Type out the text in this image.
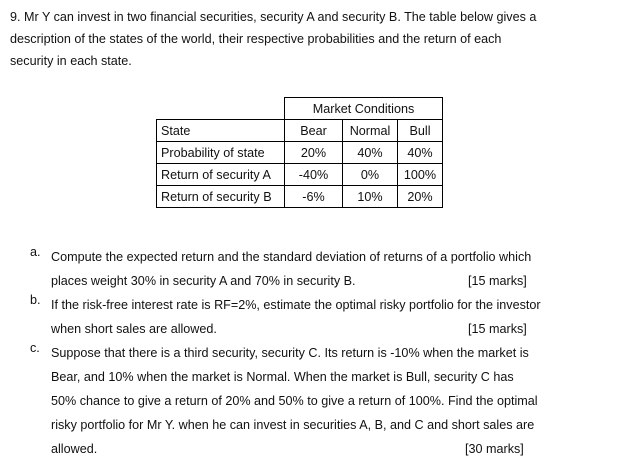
9. Mr Y can invest in two financial securities, security A and security B. The table below gives a
description of the states of the world, their respective probabilities and the return of each
security in each state.
	Market Conditions		
State	Bear	Normal	Bull
Probability of state	20%	40%	40%
Return of security A	-40%	0%	100%
Return of security B	-6%	10%	20%
a. Compute the expected return and the standard deviation of returns of a portfolio which
places weight 30% in security A and 70% in security B.	[15 marks]
b. If the risk-free interest rate is RF=2%, estimate the optimal risky portfolio for the investor
when short sales are allowed.	[15 marks]
c. Suppose that there is a third security, security C. Its return is -10% when the market is
Bear, and 10% when the market is Normal. When the market is Bull, security C has
50% chance to give a return of 20% and 50% to give a return of 100%. Find the optimal
risky portfolio for Mr Y. when he can invest in securities A, B, and C and short sales are
allowed.	[30 marks]
